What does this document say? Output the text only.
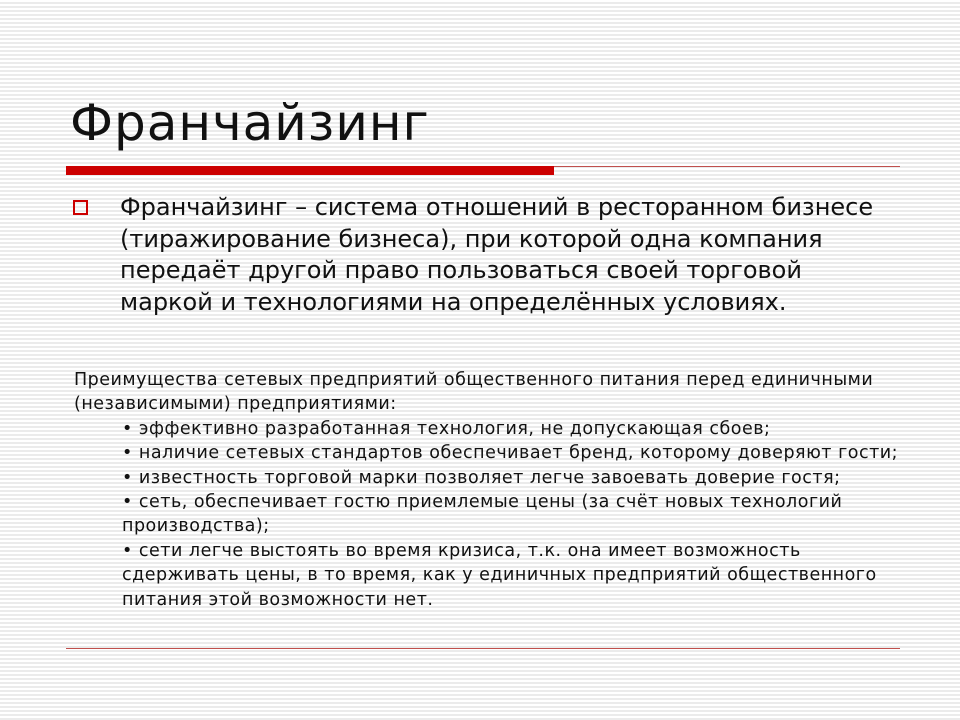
Франчайзинг
Франчайзинг – система отношений в ресторанном бизнесе (тиражирование бизнеса), при которой одна компания передаёт другой право пользоваться своей торговой маркой и технологиями на определённых условиях.

Преимущества сетевых предприятий общественного питания перед единичными (независимыми) предприятиями:

• эффективно разработанная технология, не допускающая сбоев;
• наличие сетевых стандартов обеспечивает бренд, которому доверяют гости;
• известность торговой марки позволяет легче завоевать доверие гостя;
• сеть, обеспечивает гостю приемлемые цены (за счёт новых технологий производства);
• сети легче выстоять во время кризиса, т.к. она имеет возможность сдерживать цены, в то время, как у единичных предприятий общественного питания этой возможности нет.
